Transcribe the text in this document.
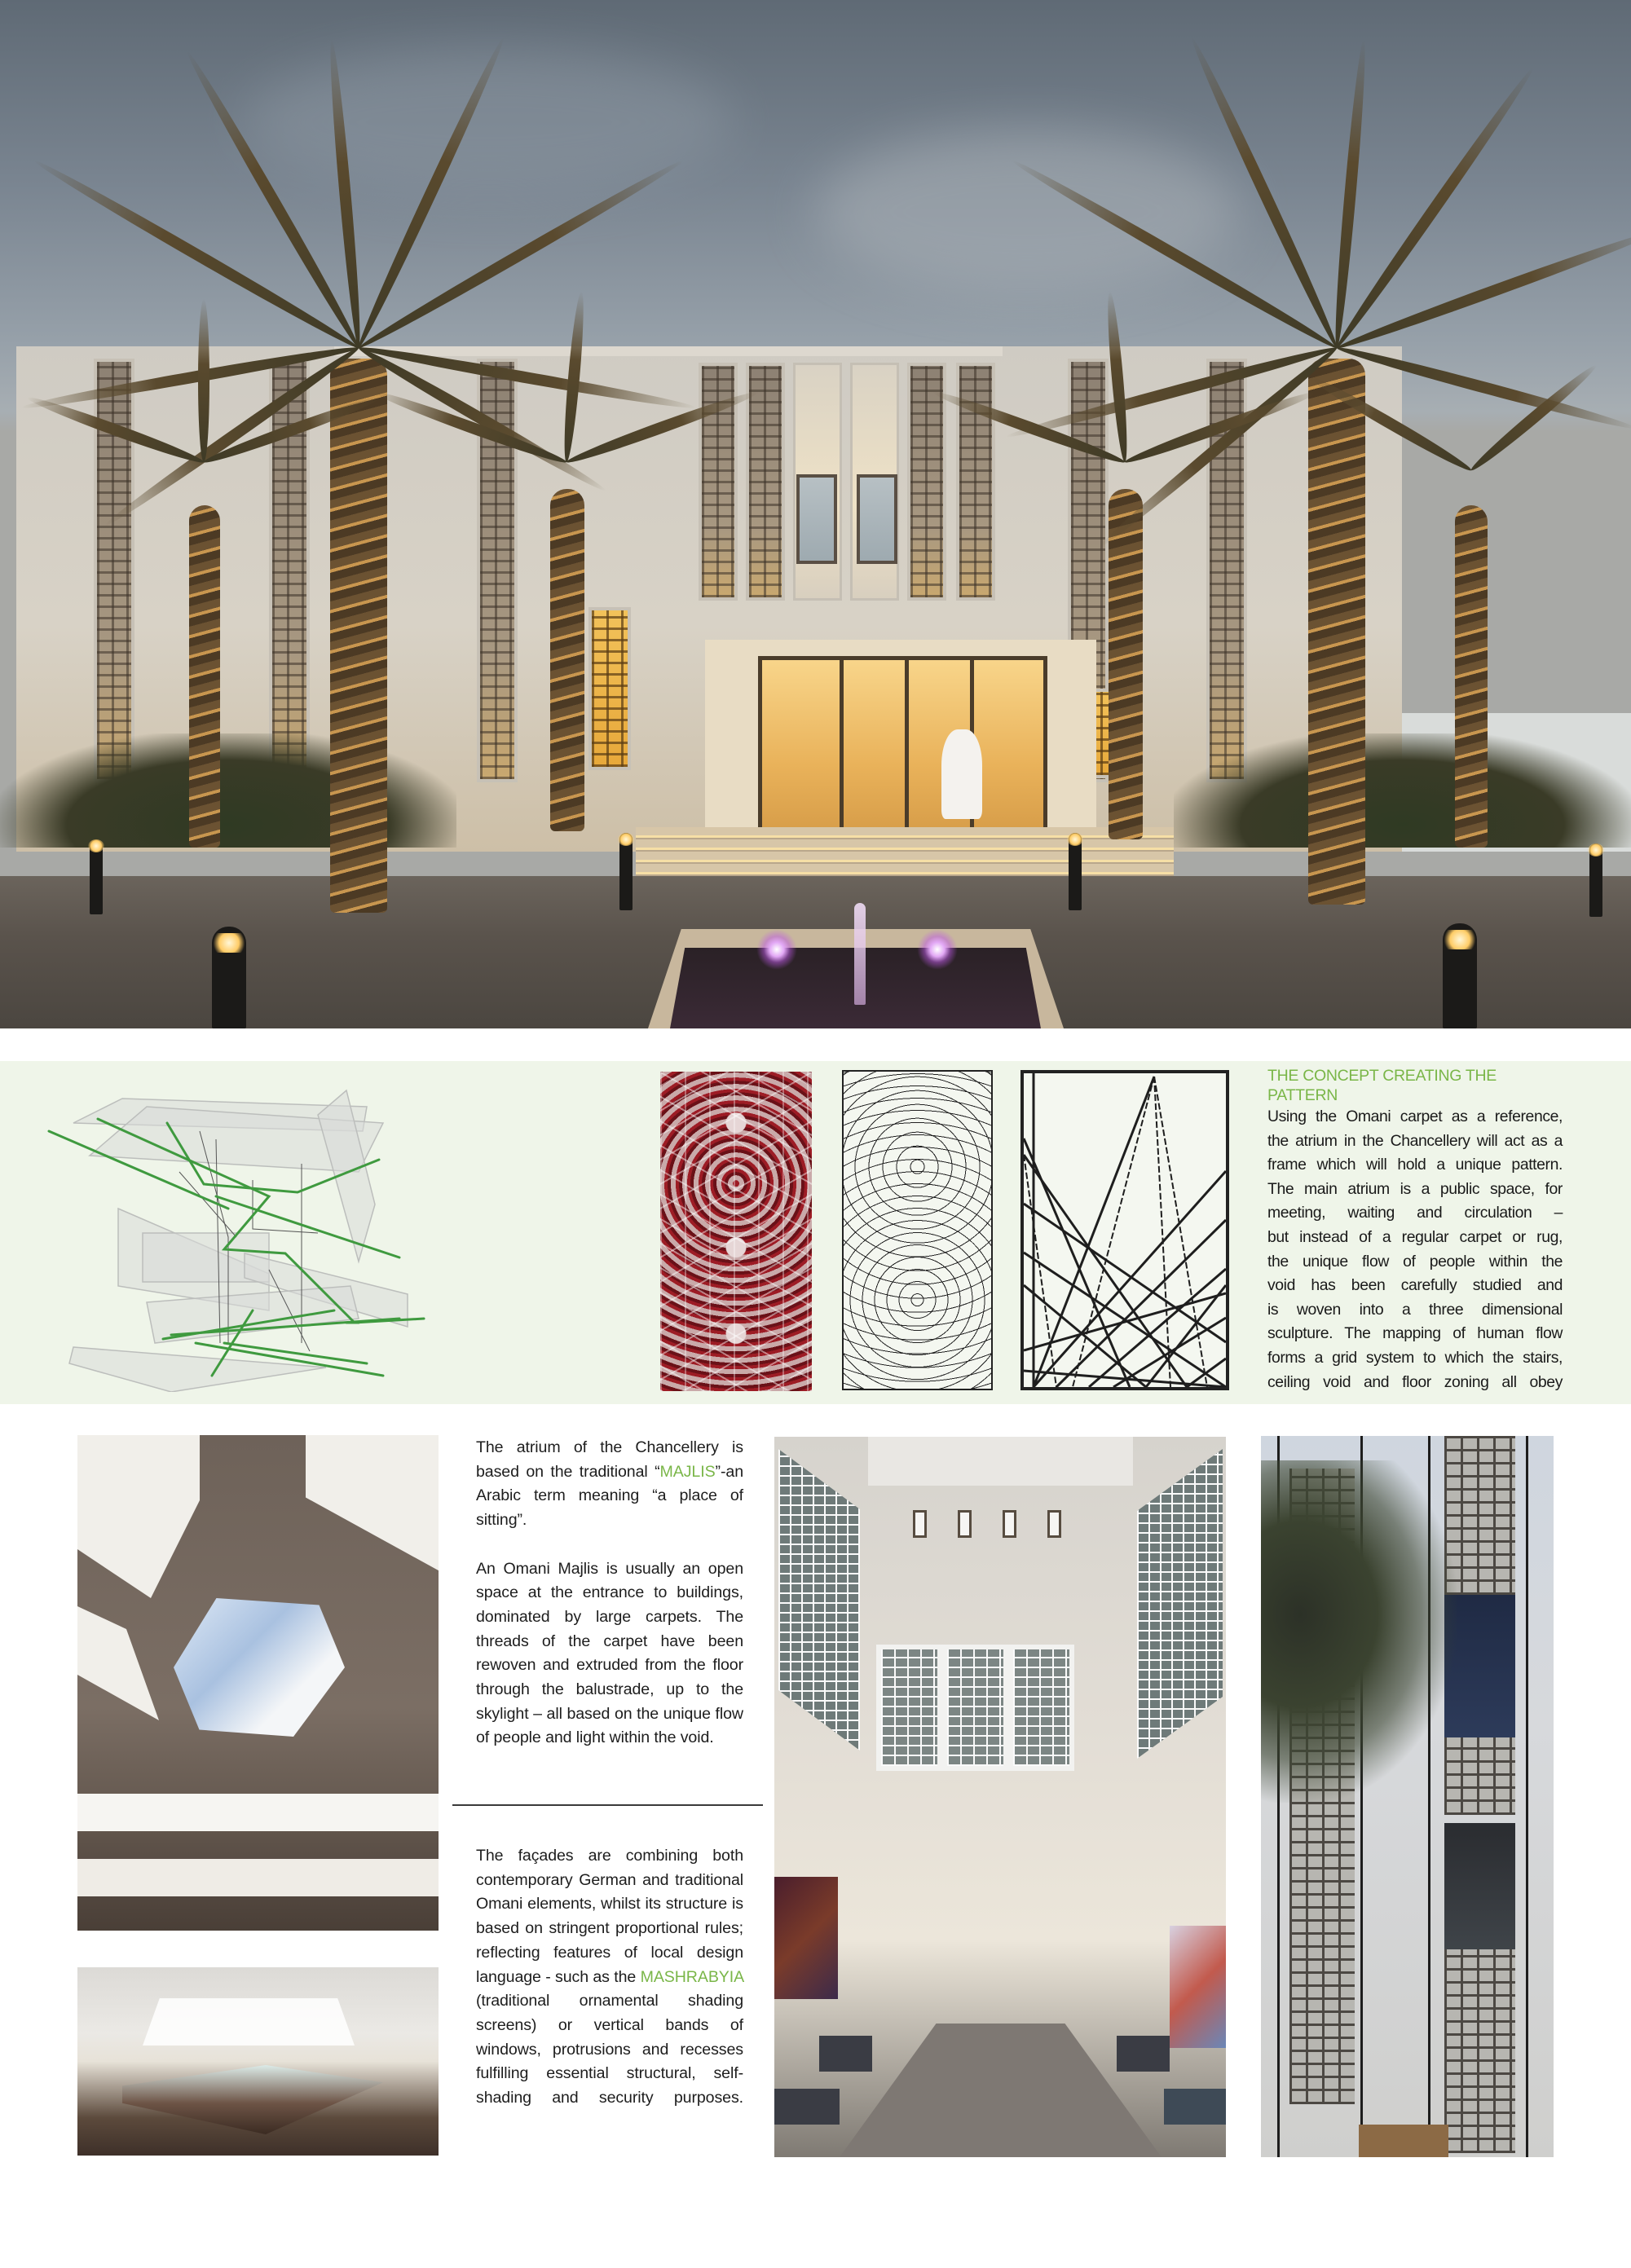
THE CONCEPT CREATING THE PATTERN
Using the Omani carpet as a reference,
the atrium in the Chancellery will act as a
frame which will hold a unique pattern.
The main atrium is a public space, for
meeting, waiting and circulation –
but instead of a regular carpet or rug,
the unique flow of people within the
void has been carefully studied and
is woven into a three dimensional
sculpture. The mapping of human flow
forms a grid system to which the stairs,
ceiling void and floor zoning all obey

The atrium of the Chancellery is based on the traditional “MAJLIS”-an Arabic term meaning “a place of sitting”.

An Omani Majlis is usually an open space at the entrance to buildings, dominated by large carpets. The threads of the carpet have been rewoven and extruded from the floor through the balustrade, up to the skylight – all based on the unique flow of people and light within the void.

The façades are combining both contemporary German and traditional Omani elements, whilst its structure is based on stringent proportional rules; reflecting features of local design language - such as the MASHRABYIA (traditional ornamental shading screens) or vertical bands of windows, protrusions and recesses fulfilling essential structural, self-shading and security purposes.
